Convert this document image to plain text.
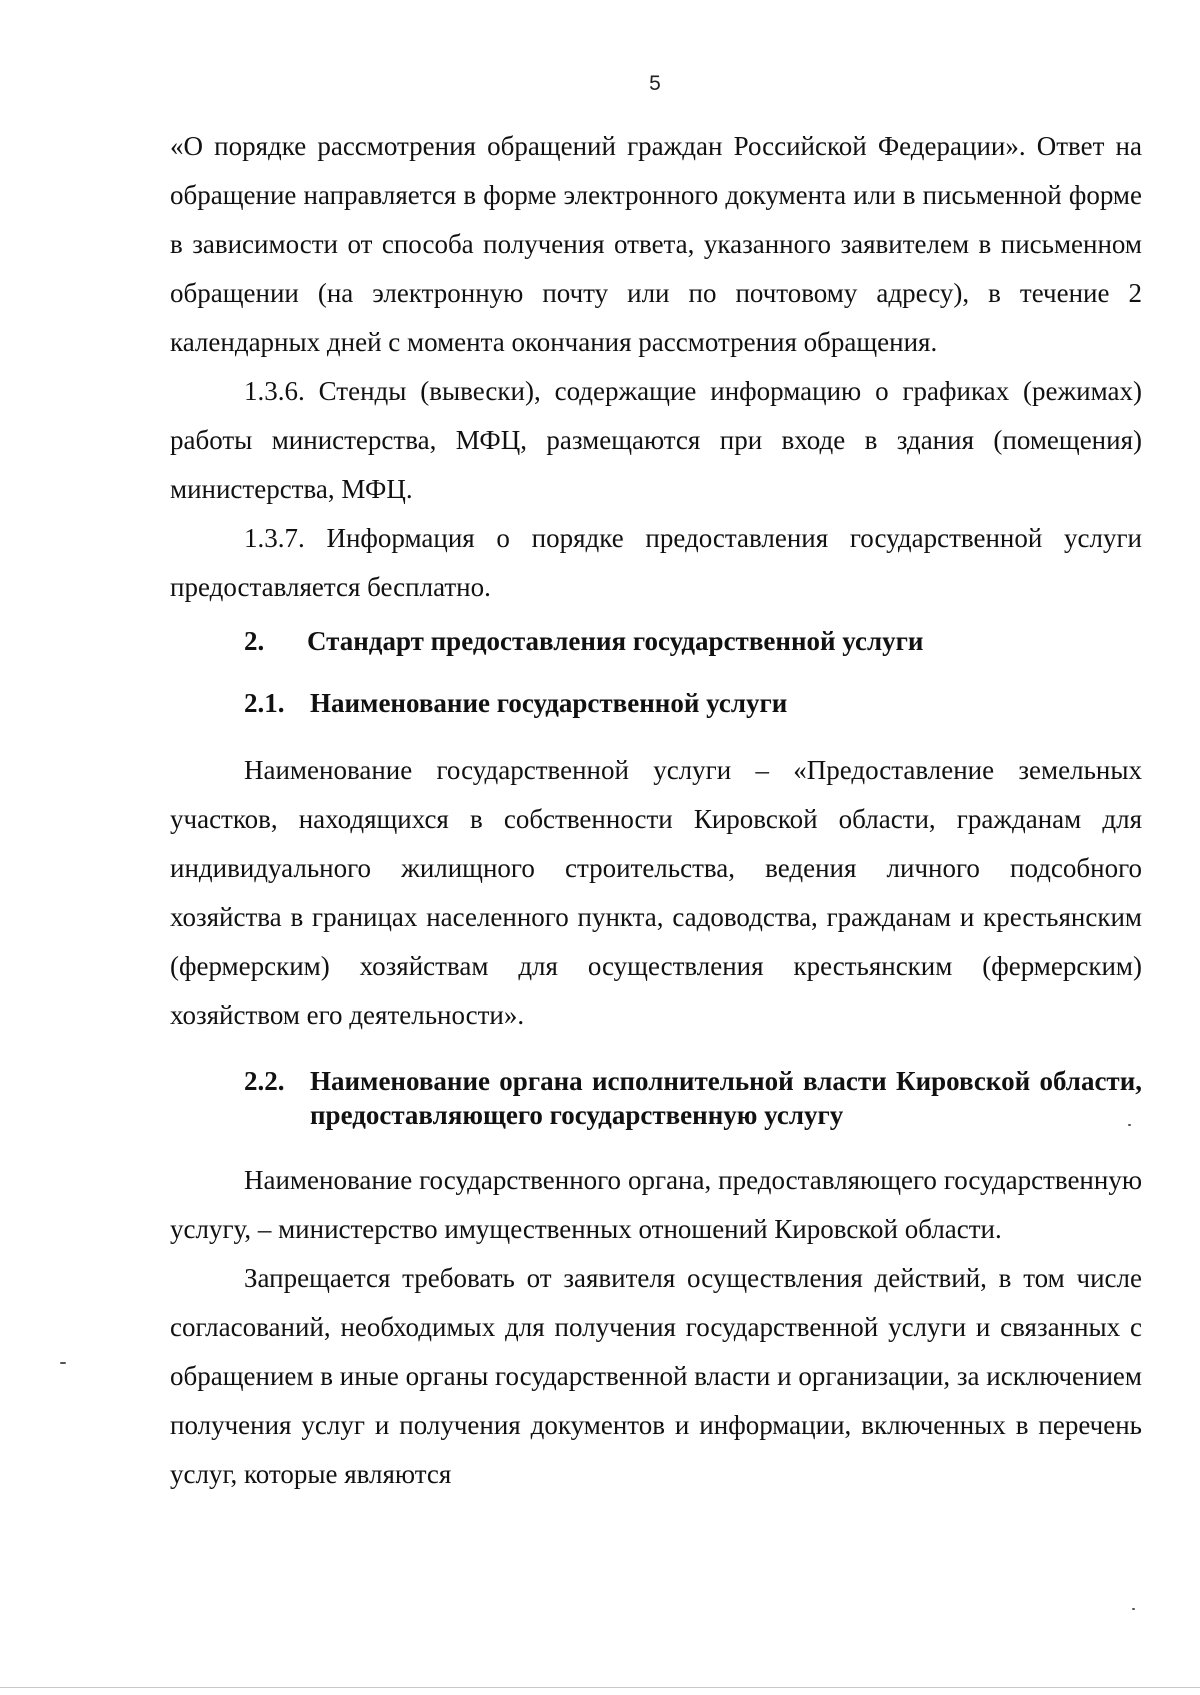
5

«О порядке рассмотрения обращений граждан Российской Федерации». Ответ на обращение направляется в форме электронного документа или в письменной форме в зависимости от способа получения ответа, указанного заявителем в письменном обращении (на электронную почту или по почтовому адресу), в течение 2 календарных дней с момента окончания рассмотрения обращения.

1.3.6. Стенды (вывески), содержащие информацию о графиках (режимах) работы министерства, МФЦ, размещаются при входе в здания (помещения) министерства, МФЦ.

1.3.7. Информация о порядке предоставления государственной услуги предоставляется бесплатно.

2.	Стандарт предоставления государственной услуги
2.1. Наименование государственной услуги

Наименование государственной услуги – «Предоставление земельных участков, находящихся в собственности Кировской области, гражданам для индивидуального жилищного строительства, ведения личного подсобного хозяйства в границах населенного пункта, садоводства, гражданам и крестьянским (фермерским) хозяйствам для осуществления крестьянским (фермерским) хозяйством его деятельности».

2.2. Наименование органа исполнительной власти Кировской области, предоставляющего государственную услугу

Наименование государственного органа, предоставляющего государственную услугу, – министерство имущественных отношений Кировской области.

Запрещается требовать от заявителя осуществления действий, в том числе согласований, необходимых для получения государственной услуги и связанных с обращением в иные органы государственной власти и организации, за исключением получения услуг и получения документов и информации, включенных в перечень услуг, которые являются
